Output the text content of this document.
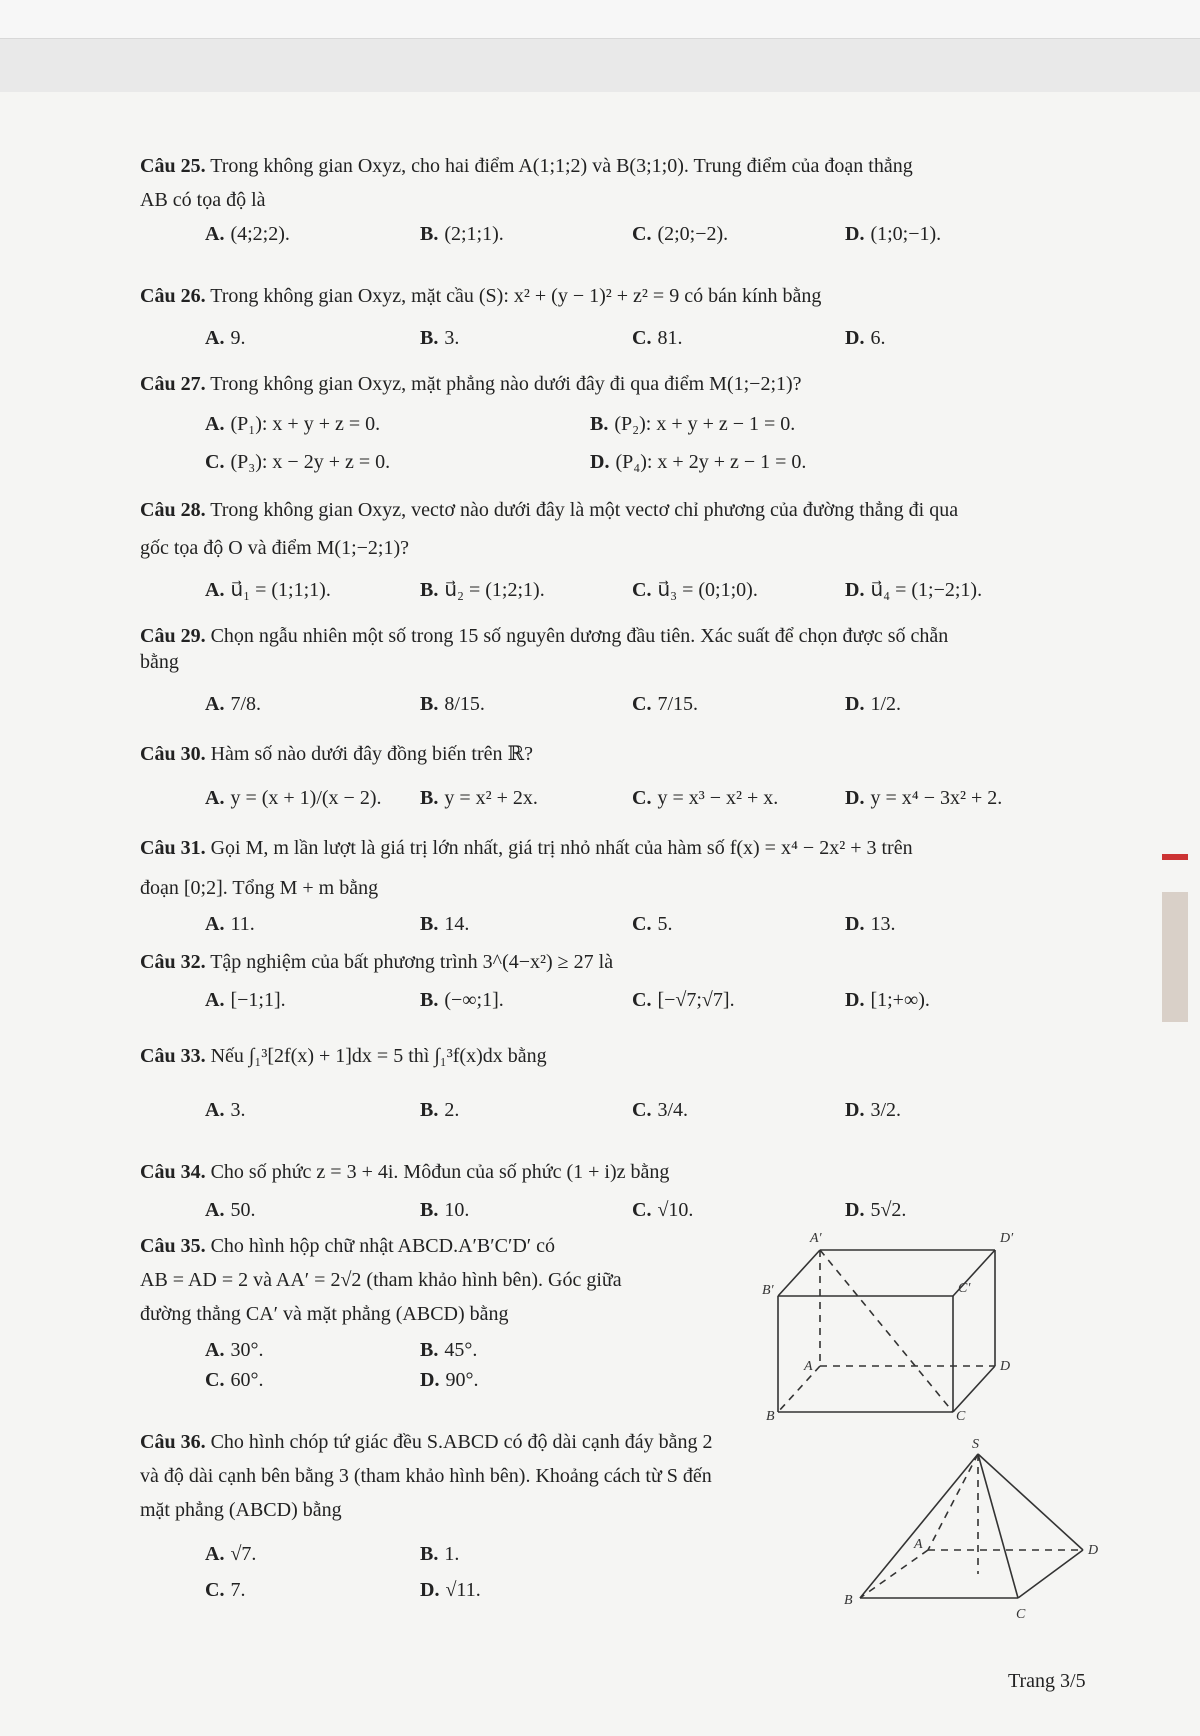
Câu 25. Trong không gian Oxyz, cho hai điểm A(1;1;2) và B(3;1;0). Trung điểm của đoạn thẳng
AB có tọa độ là
A. (4;2;2).	B. (2;1;1).	C. (2;0;−2).	D. (1;0;−1).
Câu 26. Trong không gian Oxyz, mặt cầu (S): x² + (y − 1)² + z² = 9 có bán kính bằng
A. 9.	B. 3.	C. 81.	D. 6.
Câu 27. Trong không gian Oxyz, mặt phẳng nào dưới đây đi qua điểm M(1;−2;1)?
A. (P₁): x + y + z = 0.	B. (P₂): x + y + z − 1 = 0.
C. (P₃): x − 2y + z = 0.	D. (P₄): x + 2y + z − 1 = 0.
Câu 28. Trong không gian Oxyz, vectơ nào dưới đây là một vectơ chỉ phương của đường thẳng đi qua
gốc tọa độ O và điểm M(1;−2;1)?
A. u⃗₁ = (1;1;1).	B. u⃗₂ = (1;2;1).	C. u⃗₃ = (0;1;0).	D. u⃗₄ = (1;−2;1).
Câu 29. Chọn ngẫu nhiên một số trong 15 số nguyên dương đầu tiên. Xác suất để chọn được số chẵn
bằng
A. 7/8.	B. 8/15.	C. 7/15.	D. 1/2.
Câu 30. Hàm số nào dưới đây đồng biến trên ℝ?
A. y = (x + 1)/(x − 2). B. y = x² + 2x.	C. y = x³ − x² + x.	D. y = x⁴ − 3x² + 2.
Câu 31. Gọi M, m lần lượt là giá trị lớn nhất, giá trị nhỏ nhất của hàm số f(x) = x⁴ − 2x² + 3 trên
đoạn [0;2]. Tổng M + m bằng
A. 11.	B. 14.	C. 5.	D. 13.
Câu 32. Tập nghiệm của bất phương trình 3^(4−x²) ≥ 27 là
A. [−1;1].	B. (−∞;1].	C. [−√7;√7].	D. [1;+∞).
Câu 33. Nếu ∫₁³[2f(x) + 1]dx = 5 thì ∫₁³f(x)dx bằng
A. 3.	B. 2.	C. 3/4.	D. 3/2.
Câu 34. Cho số phức z = 3 + 4i. Môđun của số phức (1 + i)z bằng
A. 50.	B. 10.	C. √10.	D. 5√2.
Câu 35. Cho hình hộp chữ nhật ABCD.A′B′C′D′ có
AB = AD = 2 và AA′ = 2√2 (tham khảo hình bên). Góc giữa
đường thẳng CA′ và mặt phẳng (ABCD) bằng
A. 30°.	B. 45°.
C. 60°.	D. 90°.
A′	D′
B′	C′
A	D
B	C
Câu 36. Cho hình chóp tứ giác đều S.ABCD có độ dài cạnh đáy bằng 2
và độ dài cạnh bên bằng 3 (tham khảo hình bên). Khoảng cách từ S đến
mặt phẳng (ABCD) bằng
A. √7.	B. 1.
C. 7.	D. √11.
S
A	D
B
C
Trang 3/5
